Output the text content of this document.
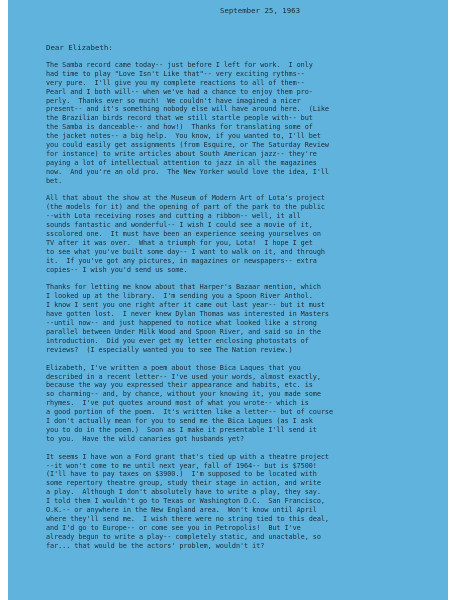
September 25, 1963
Dear Elizabeth:
The Samba record came today-- just before I left for work.  I only
had time to play "Love Isn't Like that"-- very exciting rythms--
very pure.  I'll give you my complete reactions to all of them--
Pearl and I both will-- when we've had a chance to enjoy them pro-
perly.  Thanks ever so much!  We couldn't have imagined a nicer
present-- and it's something nobody else will have around here.  (Like
the Brazilian birds record that we still startle people with-- but
the Samba is danceable-- and how!)  Thanks for translating some of
the jacket notes-- a big help.  You know, if you wanted to, I'll bet
you could easily get assignments (from Esquire, or The Saturday Review
for instance) to write articles about South American jazz-- they're
paying a lot of intellectual attention to jazz in all the magazines
now.  And you're an old pro.  The New Yorker would love the idea, I'll
bet.
All that about the show at the Museum of Modern Art of Lota's project
(the models for it) and the opening of part of the park to the public
--with Lota receiving roses and cutting a ribbon-- well, it all
sounds fantastic and wonderful-- I wish I could see a movie of it,
sscolored one.  It must have been an experience seeing yourselves on
TV after it was over.  What a triumph for you, Lota!  I hope I get
to see what you've built some day-- I want to walk on it, and through
it.  If you've got any pictures, in magazines or newspapers-- extra
copies-- I wish you'd send us some.
Thanks for letting me know about that Harper's Bazaar mention, which
I looked up at the library.  I'm sending you a Spoon River Anthol.
I know I sent you one right after it came out last year-- but it must
have gotten lost.  I never knew Dylan Thomas was interested in Masters
--until now-- and just happened to notice what looked like a strong
parallel between Under Milk Wood and Spoon River, and said so in the
introduction.  Did you ever get my letter enclosing photostats of
reviews?  (I especially wanted you to see The Nation review.)
Elizabeth, I've written a poem about those Bica Laques that you
described in a recent letter-- I've used your words, almost exactly,
because the way you expressed their appearance and habits, etc. is
so charming-- and, by chance, without your knowing it, you made some
rhymes.  I've put quotes around most of what you wrote-- which is
a good portion of the poem.  It's written like a letter-- but of course
I don't actually mean for you to send me the Bica Laques (as I ask
you to do in the poem.)  Soon as I make it presentable I'll send it
to you.  Have the wild canaries got husbands yet?
It seems I have won a Ford grant that's tied up with a theatre project
--it won't come to me until next year, fall of 1964-- but is $7500!
(I'll have to pay taxes on $3900.)  I'm supposed to be located with
some repertory theatre group, study their stage in action, and write
a play.  Although I don't absolutely have to write a play, they say.
I told them I wouldn't go to Texas or Washington D.C.  San Francisco,
O.K.-- or anywhere in the New England area.  Won't know until April
where they'll send me.  I wish there were no string tied to this deal,
and I'd go to Europe-- or come see you in Petropolis!  But I've
already begun to write a play-- completely static, and unactable, so
far... that would be the actors' problem, wouldn't it?
